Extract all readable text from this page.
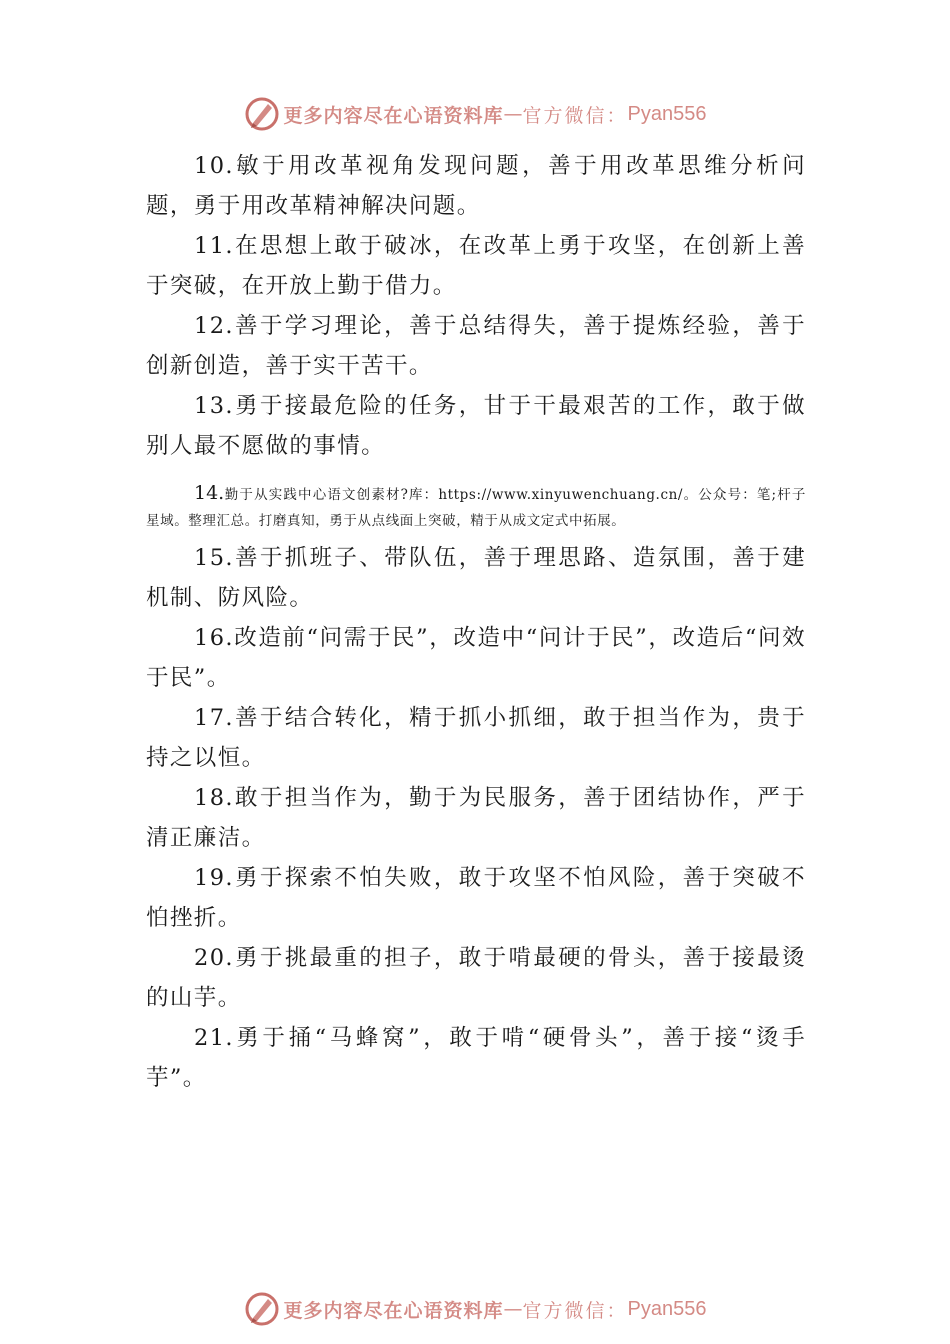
更多内容尽在心语资料库 — 官方微信： Pyan556

10.敏于用改革视角发现问题，善于用改革思维分析问题，勇于用改革精神解决问题。

11.在思想上敢于破冰，在改革上勇于攻坚，在创新上善于突破，在开放上勤于借力。

12.善于学习理论，善于总结得失，善于提炼经验，善于创新创造，善于实干苦干。

13.勇于接最危险的任务，甘于干最艰苦的工作，敢于做别人最不愿做的事情。

14.勤于从实践中心语文创素材?库：https://www.xinyuwenchuang.cn/。公众号：笔;杆子星域。整理汇总。打磨真知，勇于从点线面上突破，精于从成文定式中拓展。

15.善于抓班子、带队伍，善于理思路、造氛围，善于建机制、防风险。

16.改造前“问需于民”，改造中“问计于民”，改造后“问效于民”。

17.善于结合转化，精于抓小抓细，敢于担当作为，贵于持之以恒。

18.敢于担当作为，勤于为民服务，善于团结协作，严于清正廉洁。

19.勇于探索不怕失败，敢于攻坚不怕风险，善于突破不怕挫折。

20.勇于挑最重的担子，敢于啃最硬的骨头，善于接最烫的山芋。

21.勇于捅“马蜂窝”，敢于啃“硬骨头”，善于接“烫手芋”。

更多内容尽在心语资料库 — 官方微信： Pyan556
